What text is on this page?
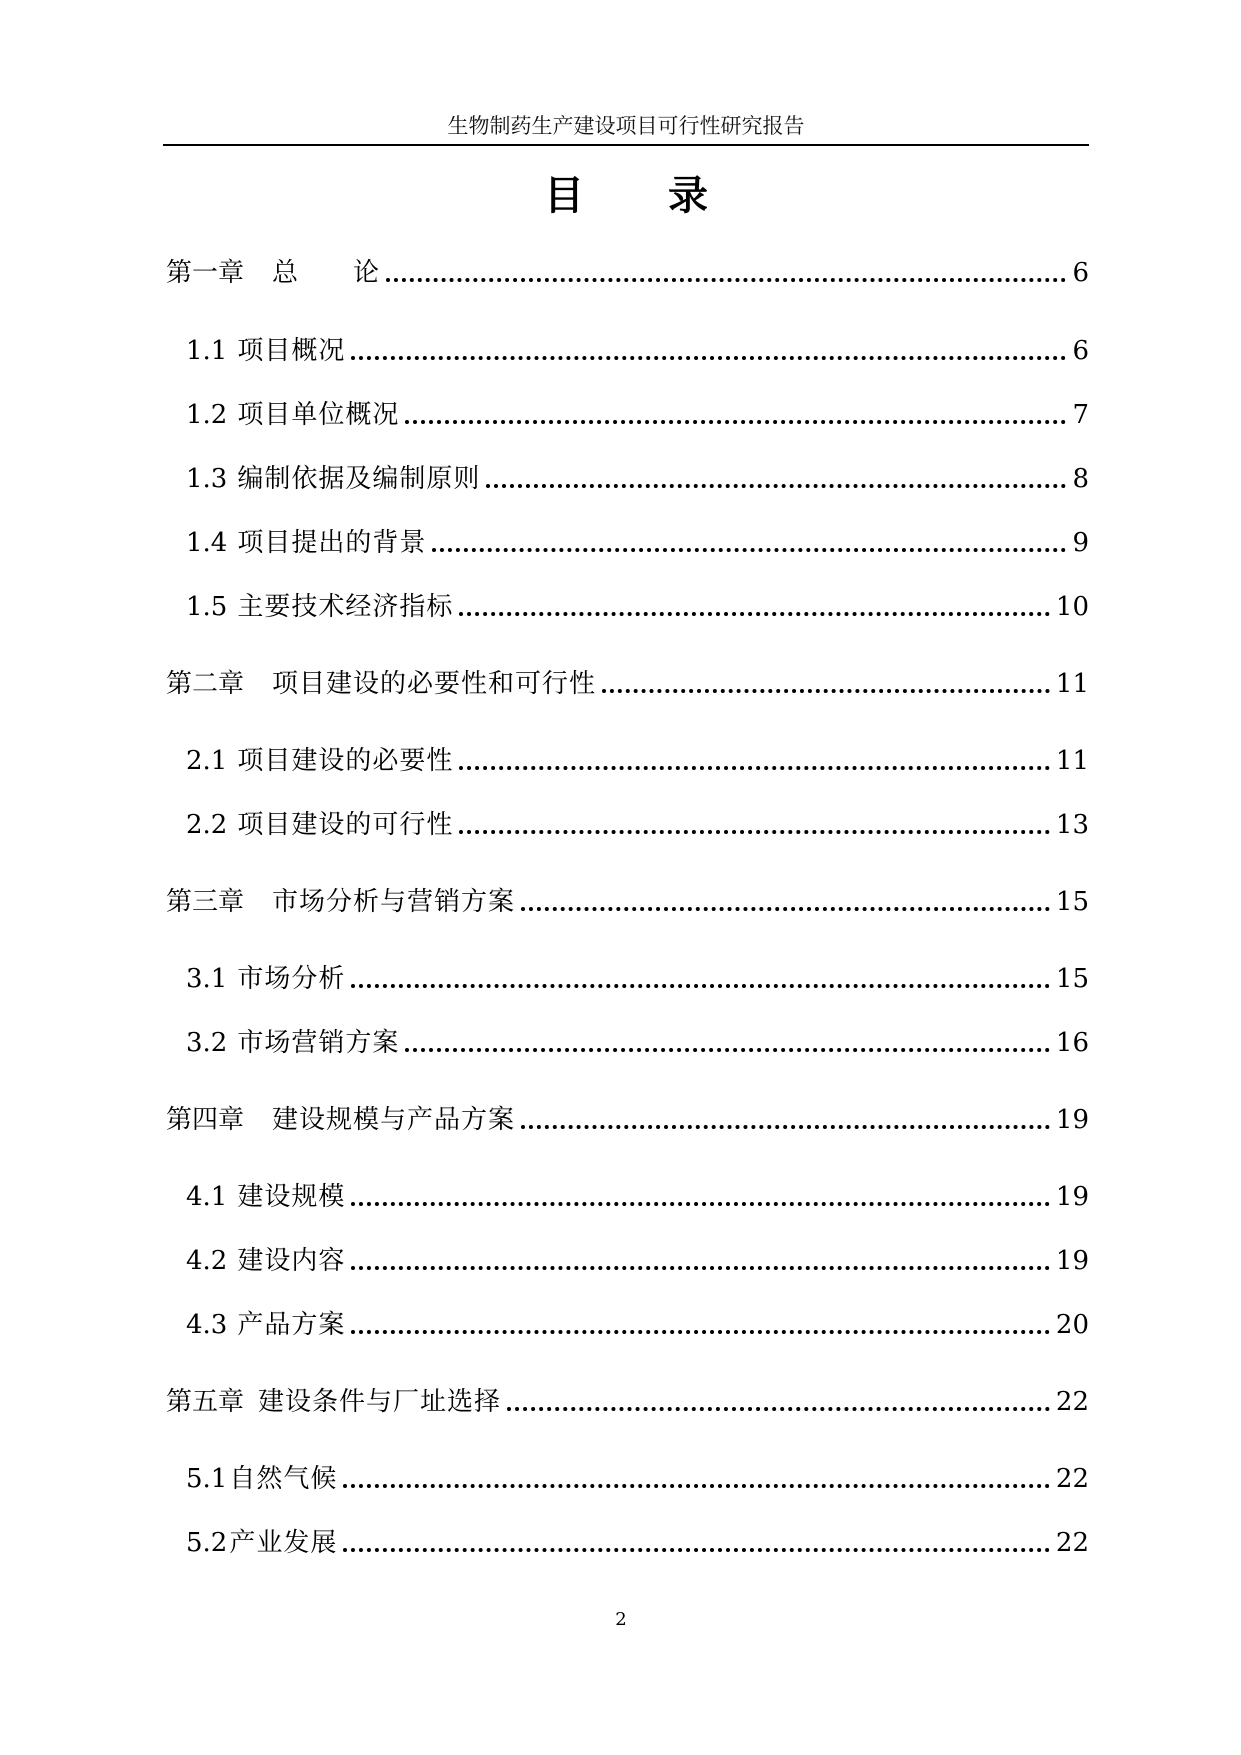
生物制药生产建设项目可行性研究报告
目 录
第一章 总　　论	6
1.1 项目概况	6
1.2 项目单位概况	7
1.3 编制依据及编制原则	8
1.4 项目提出的背景	9
1.5 主要技术经济指标	10
第二章 项目建设的必要性和可行性	11
2.1 项目建设的必要性	11
2.2 项目建设的可行性	13
第三章 市场分析与营销方案	15
3.1 市场分析	15
3.2 市场营销方案	16
第四章 建设规模与产品方案	19
4.1 建设规模	19
4.2 建设内容	19
4.3 产品方案	20
第五章 建设条件与厂址选择	22
5.1 自然气候	22
5.2 产业发展	22
2
